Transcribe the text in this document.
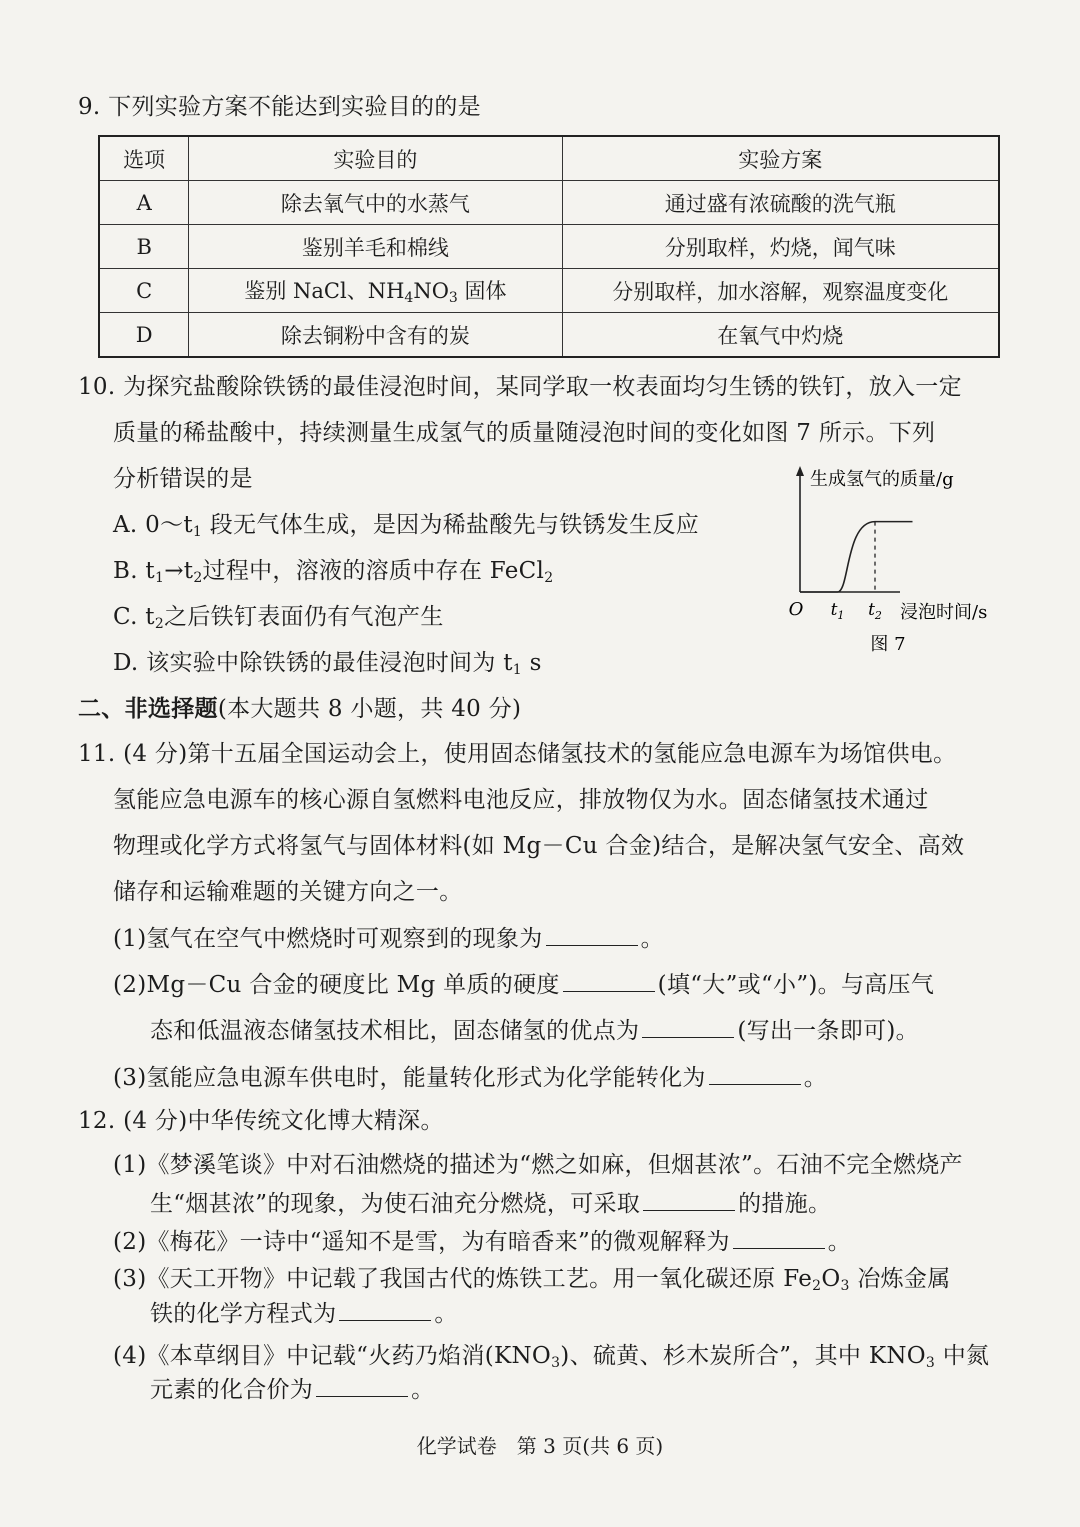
9. 下列实验方案不能达到实验目的的是
选项	实验目的	实验方案
A	除去氧气中的水蒸气	通过盛有浓硫酸的洗气瓶
B	鉴别羊毛和棉线	分别取样，灼烧，闻气味
C	鉴别 NaCl、$NH_4NO_3$ 固体	分别取样，加水溶解，观察温度变化
D	除去铜粉中含有的炭	在氧气中灼烧
10. 为探究盐酸除铁锈的最佳浸泡时间，某同学取一枚表面均匀生锈的铁钉，放入一定
质量的稀盐酸中，持续测量生成氢气的质量随浸泡时间的变化如图 7 所示。下列
分析错误的是
A. $0\sim t_1$ 段无气体生成，是因为稀盐酸先与铁锈发生反应
B. $t_1\to t_2$过程中，溶液的溶质中存在 FeCl$_2$
C. $t_2$之后铁钉表面仍有气泡产生
D. 该实验中除铁锈的最佳浸泡时间为 $t_1$ s
生成氢气的质量/g
浸泡时间/s
O $t_1$ $t_2$
图 7
二、非选择题(本大题共 8 小题，共 40 分)
11. (4 分)第十五届全国运动会上，使用固态储氢技术的氢能应急电源车为场馆供电。
氢能应急电源车的核心源自氢燃料电池反应，排放物仅为水。固态储氢技术通过
物理或化学方式将氢气与固体材料(如 Mg－Cu 合金)结合，是解决氢气安全、高效
储存和运输难题的关键方向之一。
(1)氢气在空气中燃烧时可观察到的现象为	。
(2)Mg－Cu 合金的硬度比 Mg 单质的硬度	(填“大”或“小”)。与高压气
态和低温液态储氢技术相比，固态储氢的优点为	(写出一条即可)。
(3)氢能应急电源车供电时，能量转化形式为化学能转化为	。
12. (4 分)中华传统文化博大精深。
(1)《梦溪笔谈》中对石油燃烧的描述为“燃之如麻，但烟甚浓”。石油不完全燃烧产
生“烟甚浓”的现象，为使石油充分燃烧，可采取	的措施。
(2)《梅花》一诗中“遥知不是雪，为有暗香来”的微观解释为	。
(3)《天工开物》中记载了我国古代的炼铁工艺。用一氧化碳还原 $Fe_2O_3$ 冶炼金属
铁的化学方程式为	。
(4)《本草纲目》中记载“火药乃焰消$(KNO_3)$、硫黄、杉木炭所合”，其中 $KNO_3$ 中氮
元素的化合价为	。
化学试卷　第 3 页(共 6 页)
